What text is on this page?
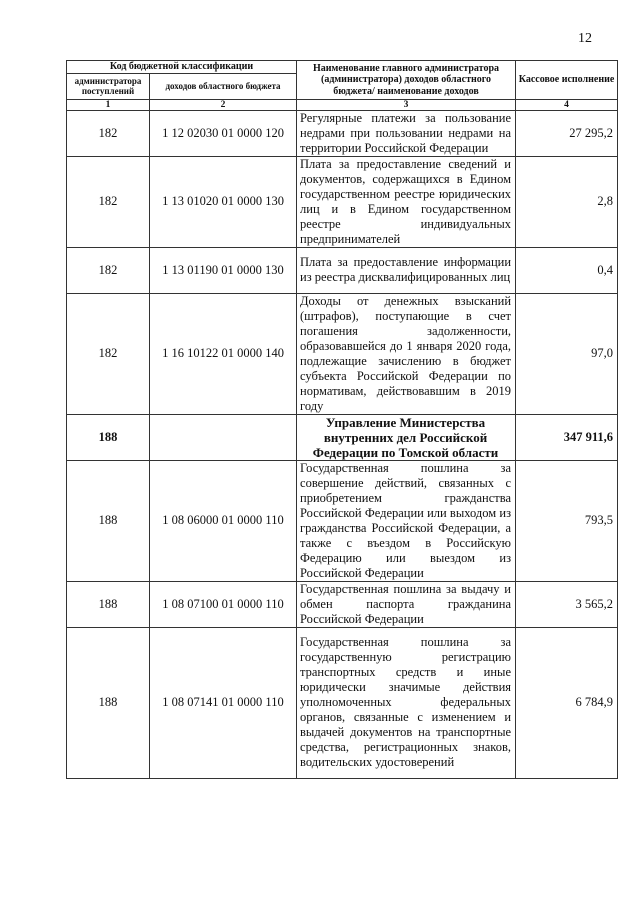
12
Код бюджетной классификации		Наименование главного администратора (администратора) доходов областного бюджета/ наименование доходов	Кассовое исполнение
администратора поступлений	доходов областного бюджета		
1	2	3	4
182	1 12 02030 01 0000 120	Регулярные платежи за пользование недрами при пользовании недрами на территории Российской Федерации	27 295,2
182	1 13 01020 01 0000 130	Плата за предоставление сведений и документов, содержащихся в Едином государственном реестре юридических лиц и в Едином государственном реестре индивидуальных предпринимателей	2,8
182	1 13 01190 01 0000 130	Плата за предоставление информации из реестра дисквалифицированных лиц	0,4
182	1 16 10122 01 0000 140	Доходы от денежных взысканий (штрафов), поступающие в счет погашения задолженности, образовавшейся до 1 января 2020 года, подлежащие зачислению в бюджет субъекта Российской Федерации по нормативам, действовавшим в 2019 году	97,0
188		Управление Министерства внутренних дел Российской Федерации по Томской области	347 911,6
188	1 08 06000 01 0000 110	Государственная пошлина за совершение действий, связанных с приобретением гражданства Российской Федерации или выходом из гражданства Российской Федерации, а также с въездом в Российскую Федерацию или выездом из Российской Федерации	793,5
188	1 08 07100 01 0000 110	Государственная пошлина за выдачу и обмен паспорта гражданина Российской Федерации	3 565,2
188	1 08 07141 01 0000 110	Государственная пошлина за государственную регистрацию транспортных средств и иные юридически значимые действия уполномоченных федеральных органов, связанные с изменением и выдачей документов на транспортные средства, регистрационных знаков, водительских удостоверений	6 784,9
